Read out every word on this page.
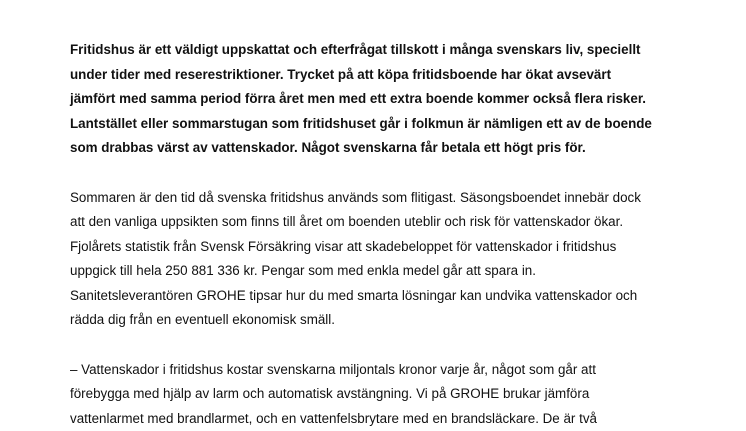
Fritidshus är ett väldigt uppskattat och efterfrågat tillskott i många svenskars liv, speciellt
under tider med reserestriktioner. Trycket på att köpa fritidsboende har ökat avsevärt
jämfört med samma period förra året men med ett extra boende kommer också flera risker.
Lantstället eller sommarstugan som fritidshuset går i folkmun är nämligen ett av de boende
som drabbas värst av vattenskador. Något svenskarna får betala ett högt pris för.
Sommaren är den tid då svenska fritidshus används som flitigast. Säsongsboendet innebär dock
att den vanliga uppsikten som finns till året om boenden uteblir och risk för vattenskador ökar.
Fjolårets statistik från Svensk Försäkring visar att skadebeloppet för vattenskador i fritidshus
uppgick till hela 250 881 336 kr. Pengar som med enkla medel går att spara in.
Sanitetsleverantören GROHE tipsar hur du med smarta lösningar kan undvika vattenskador och
rädda dig från en eventuell ekonomisk smäll.
– Vattenskador i fritidshus kostar svenskarna miljontals kronor varje år, något som går att
förebygga med hjälp av larm och automatisk avstängning. Vi på GROHE brukar jämföra
vattenlarmet med brandlarmet, och en vattenfelsbrytare med en brandsläckare. De är två
